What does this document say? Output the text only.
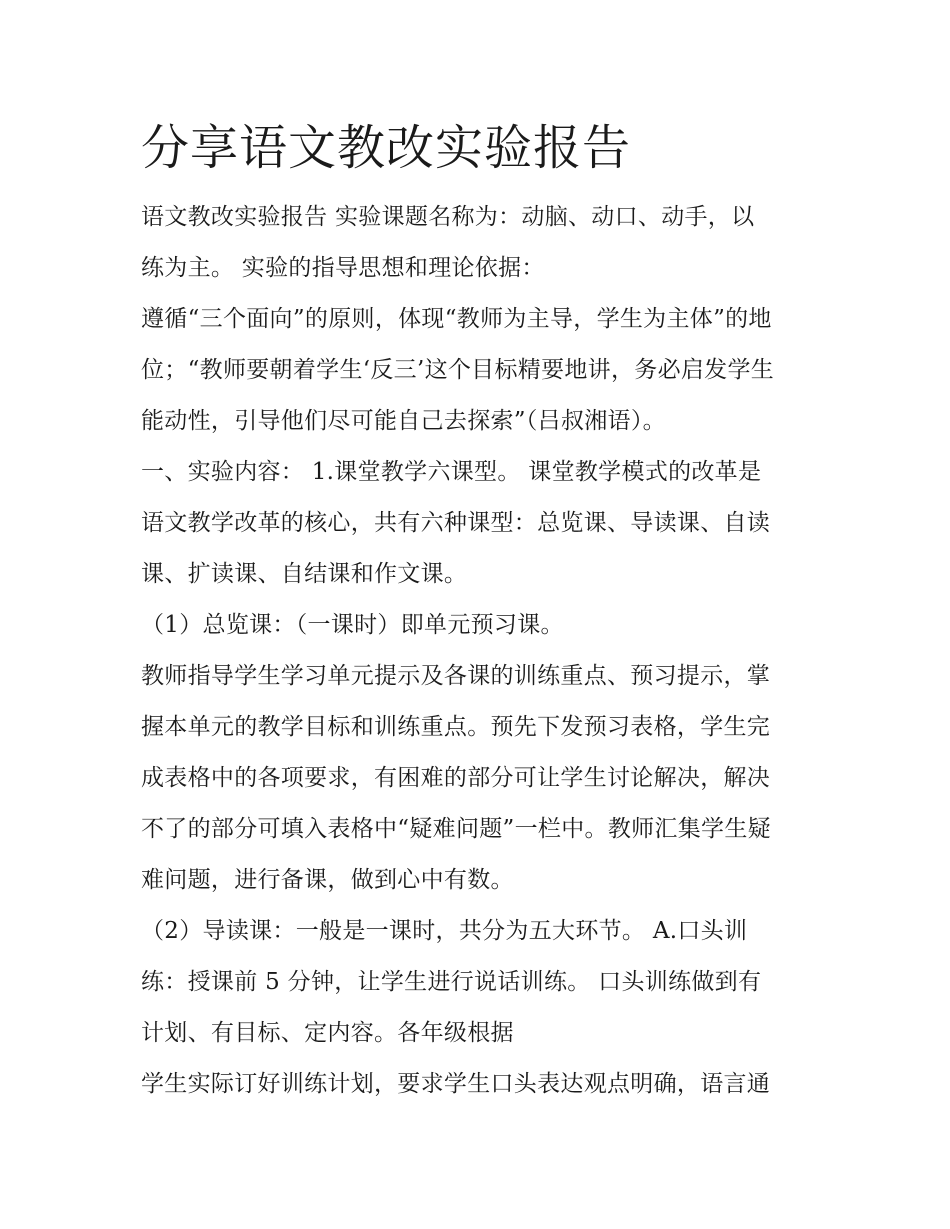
分享语文教改实验报告

语文教改实验报告 实验课题名称为：动脑、动口、动手，以
练为主。 实验的指导思想和理论依据：

遵循“三个面向”的原则，体现“教师为主导，学生为主体”的地
位；“教师要朝着学生‘反三’这个目标精要地讲，务必启发学生
能动性，引导他们尽可能自己去探索”（吕叔湘语）。

一、实验内容： 1.课堂教学六课型。 课堂教学模式的改革是
语文教学改革的核心，共有六种课型：总览课、导读课、自读
课、扩读课、自结课和作文课。

（1）总览课：（一课时）即单元预习课。

教师指导学生学习单元提示及各课的训练重点、预习提示，掌
握本单元的教学目标和训练重点。预先下发预习表格，学生完
成表格中的各项要求，有困难的部分可让学生讨论解决，解决
不了的部分可填入表格中“疑难问题”一栏中。教师汇集学生疑
难问题，进行备课，做到心中有数。

（2）导读课：一般是一课时，共分为五大环节。 A.口头训
练：授课前 5 分钟，让学生进行说话训练。 口头训练做到有
计划、有目标、定内容。各年级根据

学生实际订好训练计划，要求学生口头表达观点明确，语言通
